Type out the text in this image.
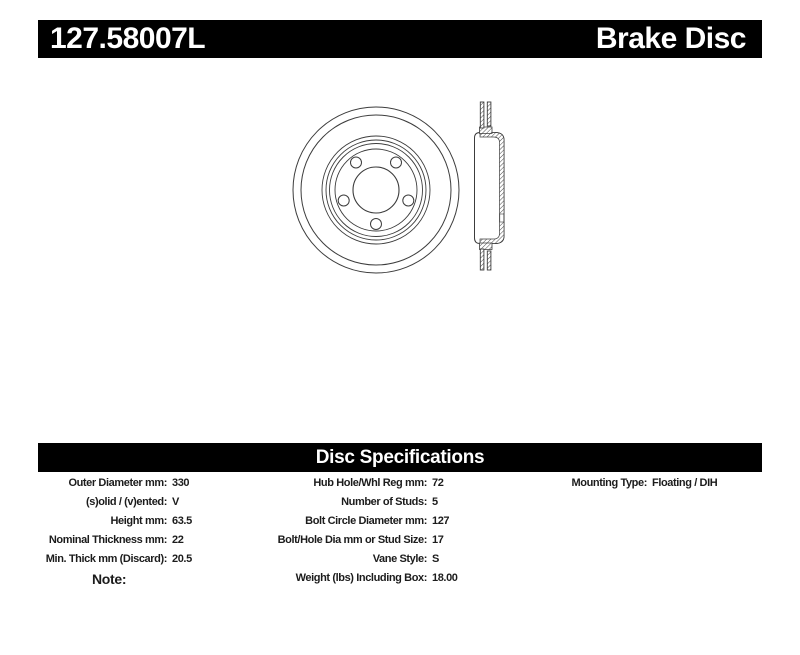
127.58007L	Brake Disc
Disc Specifications
Outer Diameter mm: 330
(s)olid / (v)ented: V
Height mm: 63.5
Nominal Thickness mm: 22
Min. Thick mm (Discard): 20.5
Hub Hole/Whl Reg mm: 72
Number of Studs: 5
Bolt Circle Diameter mm: 127
Bolt/Hole Dia mm or Stud Size: 17
Vane Style: S
Weight (lbs) Including Box: 18.00
Mounting Type: Floating / DIH
Note:
